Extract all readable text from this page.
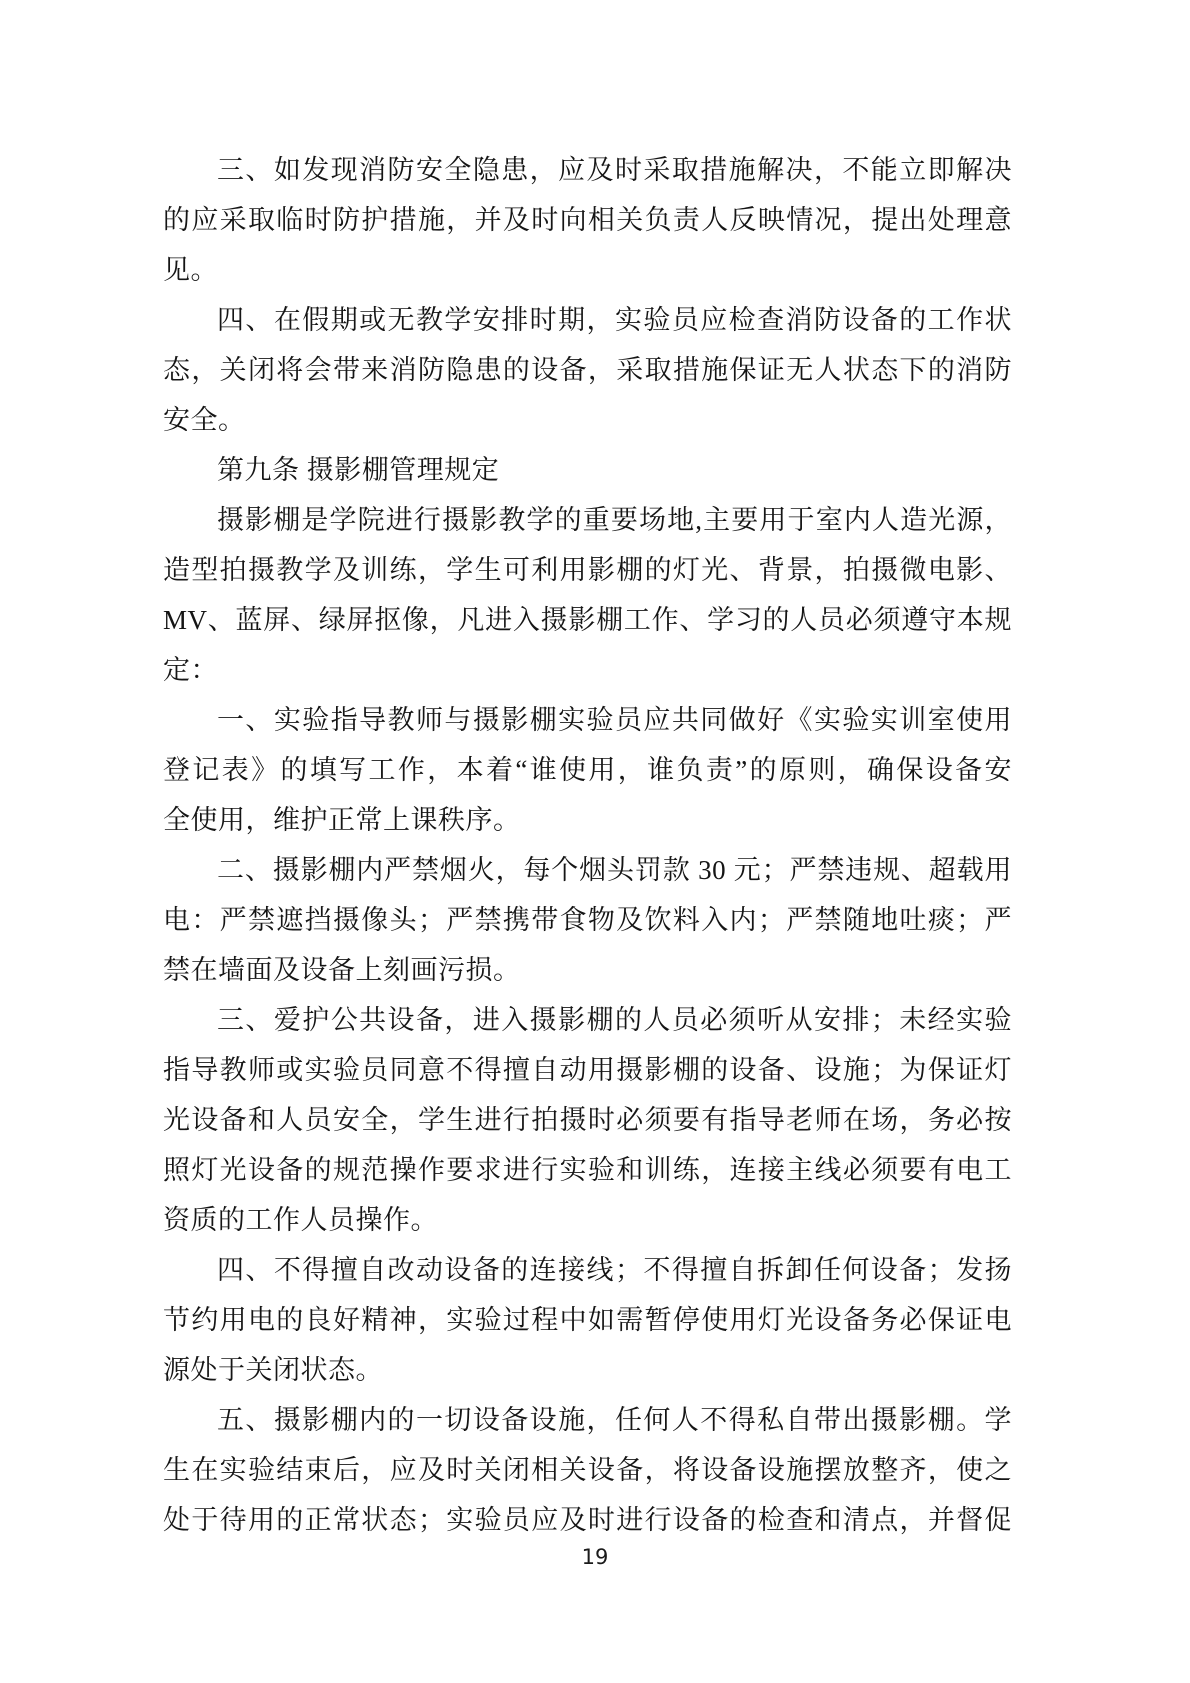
三、如发现消防安全隐患，应及时采取措施解决，不能立即解决
的应采取临时防护措施，并及时向相关负责人反映情况，提出处理意
见。
四、在假期或无教学安排时期，实验员应检查消防设备的工作状
态，关闭将会带来消防隐患的设备，采取措施保证无人状态下的消防
安全。
第九条 摄影棚管理规定
摄影棚是学院进行摄影教学的重要场地,主要用于室内人造光源，
造型拍摄教学及训练，学生可利用影棚的灯光、背景，拍摄微电影、
MV、蓝屏、绿屏抠像，凡进入摄影棚工作、学习的人员必须遵守本规
定：
一、实验指导教师与摄影棚实验员应共同做好《实验实训室使用
登记表》的填写工作，本着“谁使用，谁负责”的原则，确保设备安
全使用，维护正常上课秩序。
二、摄影棚内严禁烟火，每个烟头罚款 30 元；严禁违规、超载用
电：严禁遮挡摄像头；严禁携带食物及饮料入内；严禁随地吐痰；严
禁在墙面及设备上刻画污损。
三、爱护公共设备，进入摄影棚的人员必须听从安排；未经实验
指导教师或实验员同意不得擅自动用摄影棚的设备、设施；为保证灯
光设备和人员安全，学生进行拍摄时必须要有指导老师在场，务必按
照灯光设备的规范操作要求进行实验和训练，连接主线必须要有电工
资质的工作人员操作。
四、不得擅自改动设备的连接线；不得擅自拆卸任何设备；发扬
节约用电的良好精神，实验过程中如需暂停使用灯光设备务必保证电
源处于关闭状态。
五、摄影棚内的一切设备设施，任何人不得私自带出摄影棚。学
生在实验结束后，应及时关闭相关设备，将设备设施摆放整齐，使之
处于待用的正常状态；实验员应及时进行设备的检查和清点，并督促
19
